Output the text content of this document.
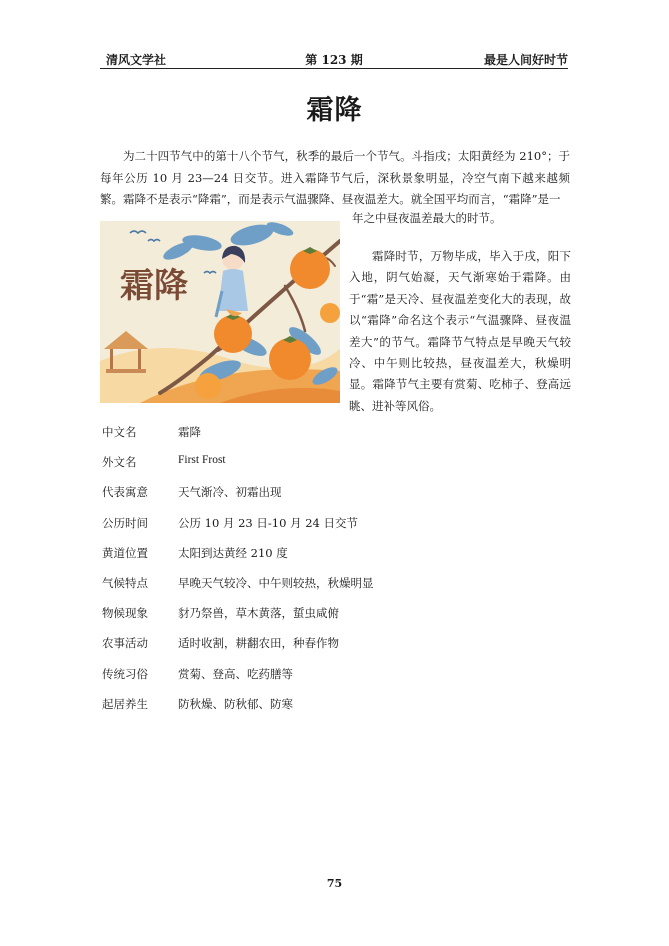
清风文学社	第 123 期	最是人间好时节
霜降
为二十四节气中的第十八个节气，秋季的最后一个节气。斗指戌；太阳黄经为 210°；于每年公历 10 月 23—24 日交节。进入霜降节气后，深秋景象明显，冷空气南下越来越频繁。霜降不是表示“降霜”，而是表示气温骤降、昼夜温差大。就全国平均而言，“霜降”是一
年之中昼夜温差最大的时节。
霜降
霜降时节，万物毕成，毕入于戌，阳下入地，阴气始凝，天气渐寒始于霜降。由于“霜”是天冷、昼夜温差变化大的表现，故以“霜降”命名这个表示“气温骤降、昼夜温差大”的节气。霜降节气特点是早晚天气较冷、中午则比较热，昼夜温差大，秋燥明显。霜降节气主要有赏菊、吃柿子、登高远眺、进补等风俗。
中文名	霜降
外文名	First Frost
代表寓意	天气渐冷、初霜出现
公历时间	公历 10 月 23 日-10 月 24 日交节
黄道位置	太阳到达黄经 210 度
气候特点	早晚天气较冷、中午则较热，秋燥明显
物候现象	豺乃祭兽，草木黄落，蜇虫咸俯
农事活动	适时收割，耕翻农田，种春作物
传统习俗	赏菊、登高、吃药膳等
起居养生	防秋燥、防秋郁、防寒
75
